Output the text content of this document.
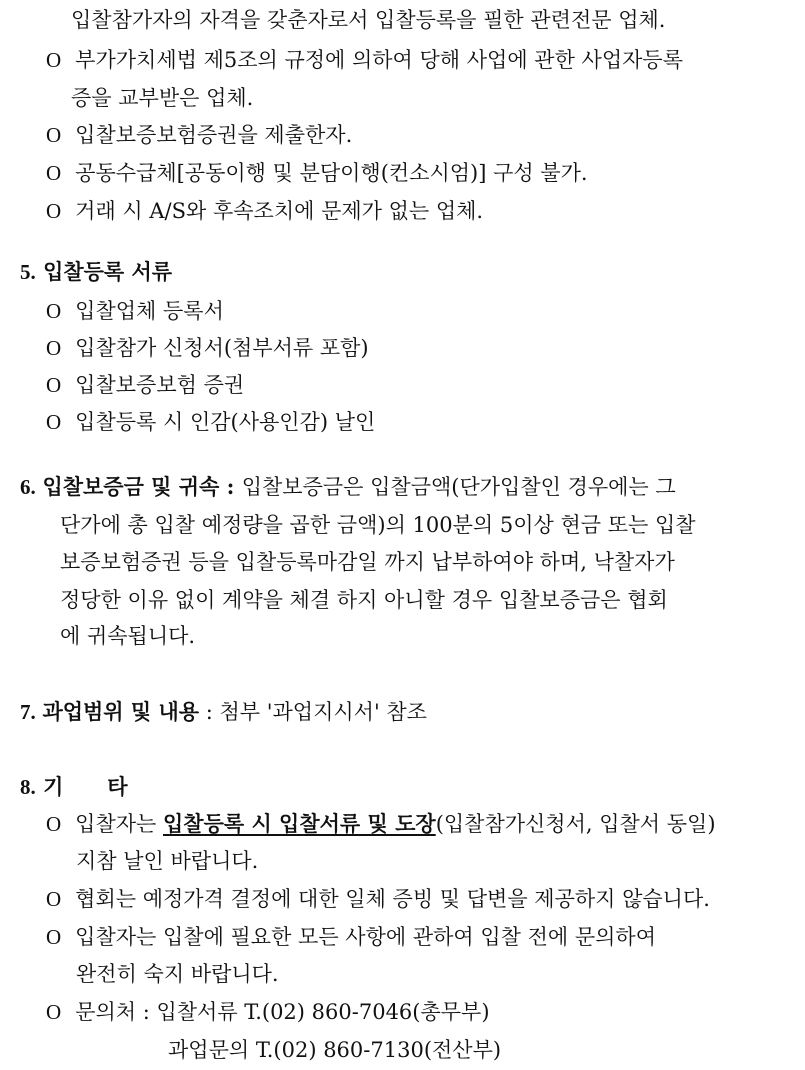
입찰참가자의 자격을 갖춘자로서 입찰등록을 필한 관련전문 업체.
O 부가가치세법 제5조의 규정에 의하여 당해 사업에 관한 사업자등록
증을 교부받은 업체.
O 입찰보증보험증권을 제출한자.
O 공동수급체[공동이행 및 분담이행(컨소시엄)] 구성 불가.
O 거래 시 A/S와 후속조치에 문제가 없는 업체.
5. 입찰등록 서류
O 입찰업체 등록서
O 입찰참가 신청서(첨부서류 포함)
O 입찰보증보험 증권
O 입찰등록 시 인감(사용인감) 날인
6. 입찰보증금 및 귀속 : 입찰보증금은 입찰금액(단가입찰인 경우에는 그
단가에 총 입찰 예정량을 곱한 금액)의 100분의 5이상 현금 또는 입찰
보증보험증권 등을 입찰등록마감일 까지 납부하여야 하며, 낙찰자가
정당한 이유 없이 계약을 체결 하지 아니할 경우 입찰보증금은 협회
에 귀속됩니다.
7. 과업범위 및 내용 : 첨부 '과업지시서' 참조
8. 기      타
O 입찰자는 입찰등록 시 입찰서류 및 도장(입찰참가신청서, 입찰서 동일)
지참 날인 바랍니다.
O 협회는 예정가격 결정에 대한 일체 증빙 및 답변을 제공하지 않습니다.
O 입찰자는 입찰에 필요한 모든 사항에 관하여 입찰 전에 문의하여
완전히 숙지 바랍니다.
O 문의처 : 입찰서류 T.(02) 860-7046(총무부)
과업문의 T.(02) 860-7130(전산부)
